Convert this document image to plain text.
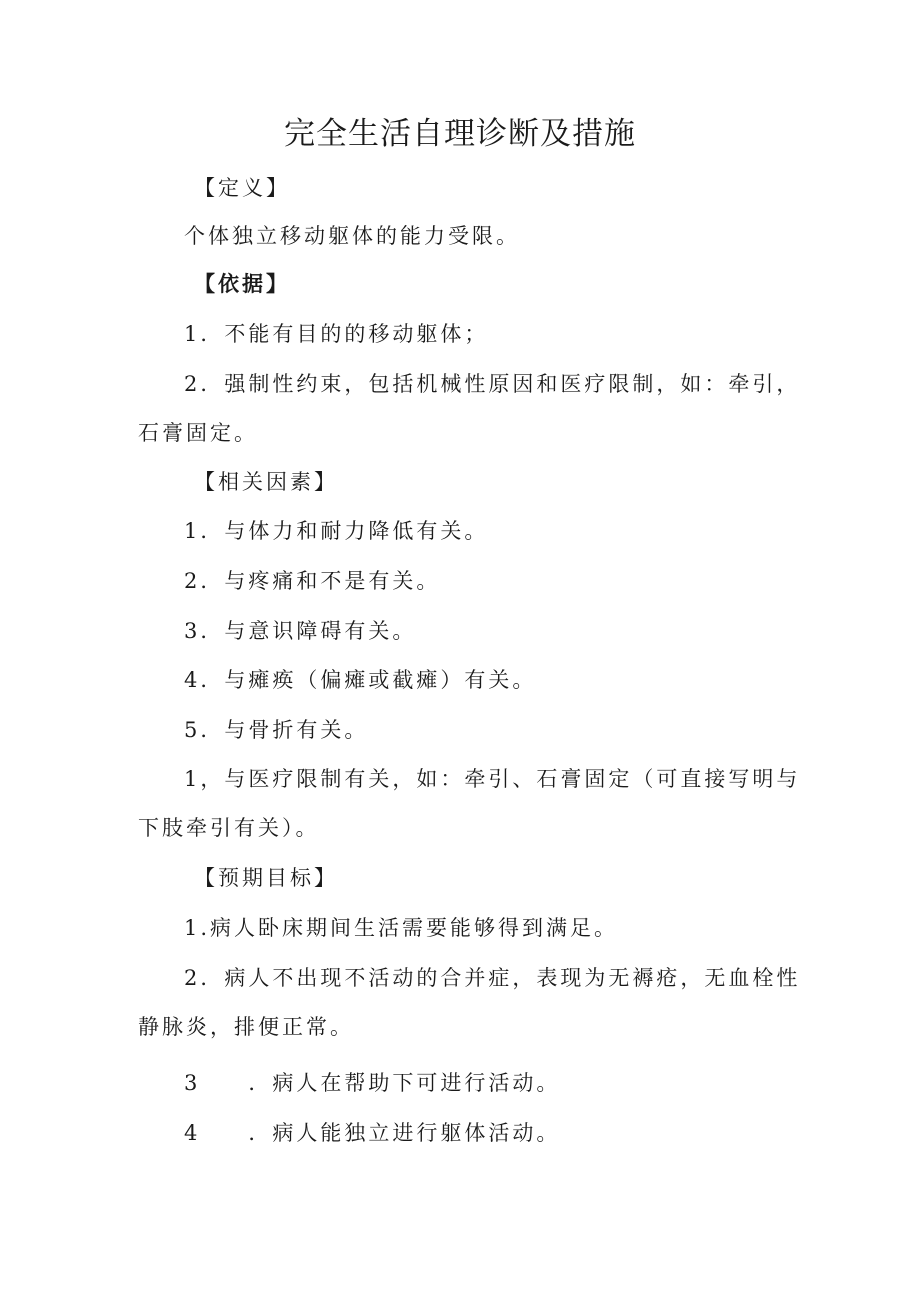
完全生活自理诊断及措施
【定义】
个体独立移动躯体的能力受限。
【依据】
1．不能有目的的移动躯体；
2．强制性约束，包括机械性原因和医疗限制，如：牵引，
石膏固定。
【相关因素】
1．与体力和耐力降低有关。
2．与疼痛和不是有关。
3．与意识障碍有关。
4．与瘫痪（偏瘫或截瘫）有关。
5．与骨折有关。
1，与医疗限制有关，如：牵引、石膏固定（可直接写明与
下肢牵引有关）。
【预期目标】
1.病人卧床期间生活需要能够得到满足。
2．病人不出现不活动的合并症，表现为无褥疮，无血栓性
静脉炎，排便正常。
3　　．病人在帮助下可进行活动。
4　　．病人能独立进行躯体活动。
